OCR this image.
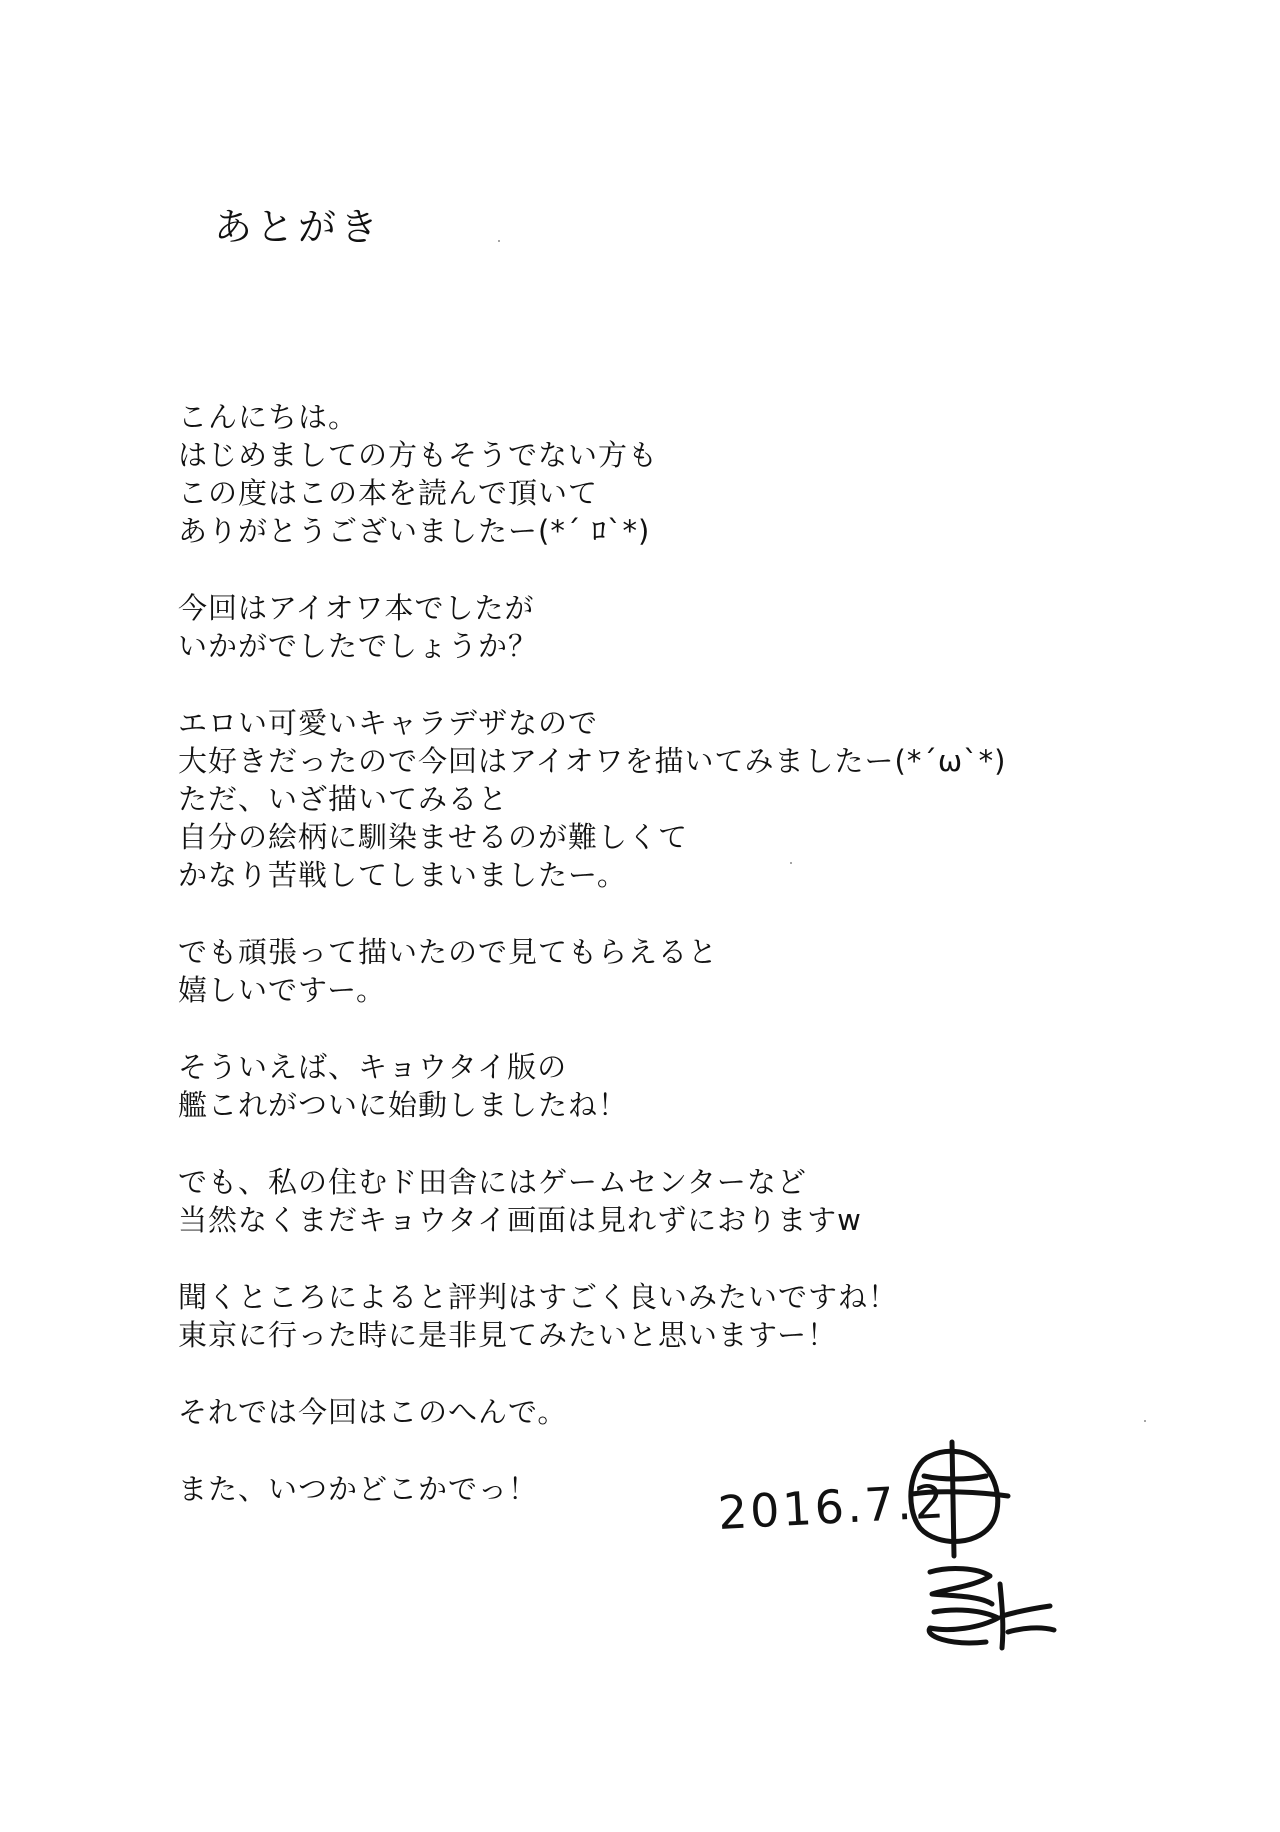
あとがき
こんにちは。
はじめましての方もそうでない方も
この度はこの本を読んで頂いて
ありがとうございましたー(*´ ﾛ`*)
今回はアイオワ本でしたが
いかがでしたでしょうか？
エロい可愛いキャラデザなので
大好きだったので今回はアイオワを描いてみましたー(*´ω`*)
ただ、いざ描いてみると
自分の絵柄に馴染ませるのが難しくて
かなり苦戦してしまいましたー。
でも頑張って描いたので見てもらえると
嬉しいですー。
そういえば、キョウタイ版の
艦これがついに始動しましたね！
でも、私の住むド田舎にはゲームセンターなど
当然なくまだキョウタイ画面は見れずにおりますw
聞くところによると評判はすごく良いみたいですね！
東京に行った時に是非見てみたいと思いますー！
それでは今回はこのへんで。
また、いつかどこかでっ！	2016.7.2
